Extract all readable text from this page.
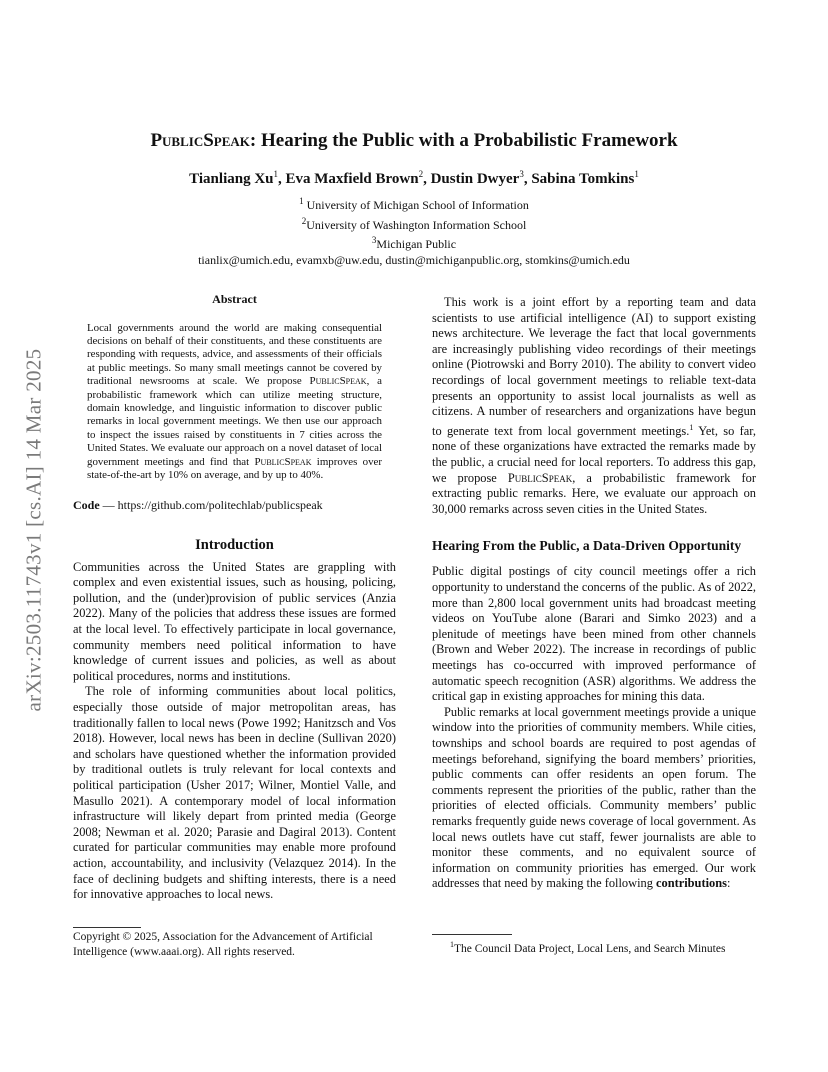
arXiv:2503.11743v1 [cs.AI] 14 Mar 2025
PublicSpeak: Hearing the Public with a Probabilistic Framework
Tianliang Xu$^1$, Eva Maxfield Brown$^2$, Dustin Dwyer$^3$, Sabina Tomkins$^1$
$^1$ University of Michigan School of Information
$^2$University of Washington Information School
$^3$Michigan Public
tianlix@umich.edu, evamxb@uw.edu, dustin@michiganpublic.org, stomkins@umich.edu
Abstract
Local governments around the world are making consequential decisions on behalf of their constituents, and these constituents are responding with requests, advice, and assessments of their officials at public meetings. So many small meetings cannot be covered by traditional newsrooms at scale. We propose PublicSpeak, a probabilistic framework which can utilize meeting structure, domain knowledge, and linguistic information to discover public remarks in local government meetings. We then use our approach to inspect the issues raised by constituents in 7 cities across the United States. We evaluate our approach on a novel dataset of local government meetings and find that PublicSpeak improves over state-of-the-art by 10% on average, and by up to 40%.
Code — https://github.com/politechlab/publicspeak
Introduction

Communities across the United States are grappling with complex and even existential issues, such as housing, policing, pollution, and the (under)provision of public services (Anzia 2022). Many of the policies that address these issues are formed at the local level. To effectively participate in local governance, community members need political information to have knowledge of current issues and policies, as well as about political procedures, norms and institutions.

The role of informing communities about local politics, especially those outside of major metropolitan areas, has traditionally fallen to local news (Powe 1992; Hanitzsch and Vos 2018). However, local news has been in decline (Sullivan 2020) and scholars have questioned whether the information provided by traditional outlets is truly relevant for local contexts and political participation (Usher 2017; Wilner, Montiel Valle, and Masullo 2021). A contemporary model of local information infrastructure will likely depart from printed media (George 2008; Newman et al. 2020; Parasie and Dagiral 2013). Content curated for particular communities may enable more profound action, accountability, and inclusivity (Velazquez 2014). In the face of declining budgets and shifting interests, there is a need for innovative approaches to local news.

Copyright © 2025, Association for the Advancement of Artificial Intelligence (www.aaai.org). All rights reserved.

This work is a joint effort by a reporting team and data scientists to use artificial intelligence (AI) to support existing news architecture. We leverage the fact that local governments are increasingly publishing video recordings of their meetings online (Piotrowski and Borry 2010). The ability to convert video recordings of local government meetings to reliable text-data presents an opportunity to assist local journalists as well as citizens. A number of researchers and organizations have begun to generate text from local government meetings.$^1$ Yet, so far, none of these organizations have extracted the remarks made by the public, a crucial need for local reporters. To address this gap, we propose PublicSpeak, a probabilistic framework for extracting public remarks. Here, we evaluate our approach on 30,000 remarks across seven cities in the United States.

Hearing From the Public, a Data-Driven Opportunity

Public digital postings of city council meetings offer a rich opportunity to understand the concerns of the public. As of 2022, more than 2,800 local government units had broadcast meeting videos on YouTube alone (Barari and Simko 2023) and a plenitude of meetings have been mined from other channels (Brown and Weber 2022). The increase in recordings of public meetings has co-occurred with improved performance of automatic speech recognition (ASR) algorithms. We address the critical gap in existing approaches for mining this data.

Public remarks at local government meetings provide a unique window into the priorities of community members. While cities, townships and school boards are required to post agendas of meetings beforehand, signifying the board members’ priorities, public comments can offer residents an open forum. The comments represent the priorities of the public, rather than the priorities of elected officials. Community members’ public remarks frequently guide news coverage of local government. As local news outlets have cut staff, fewer journalists are able to monitor these comments, and no equivalent source of information on community priorities has emerged. Our work addresses that need by making the following contributions:

$^1$The Council Data Project, Local Lens, and Search Minutes
